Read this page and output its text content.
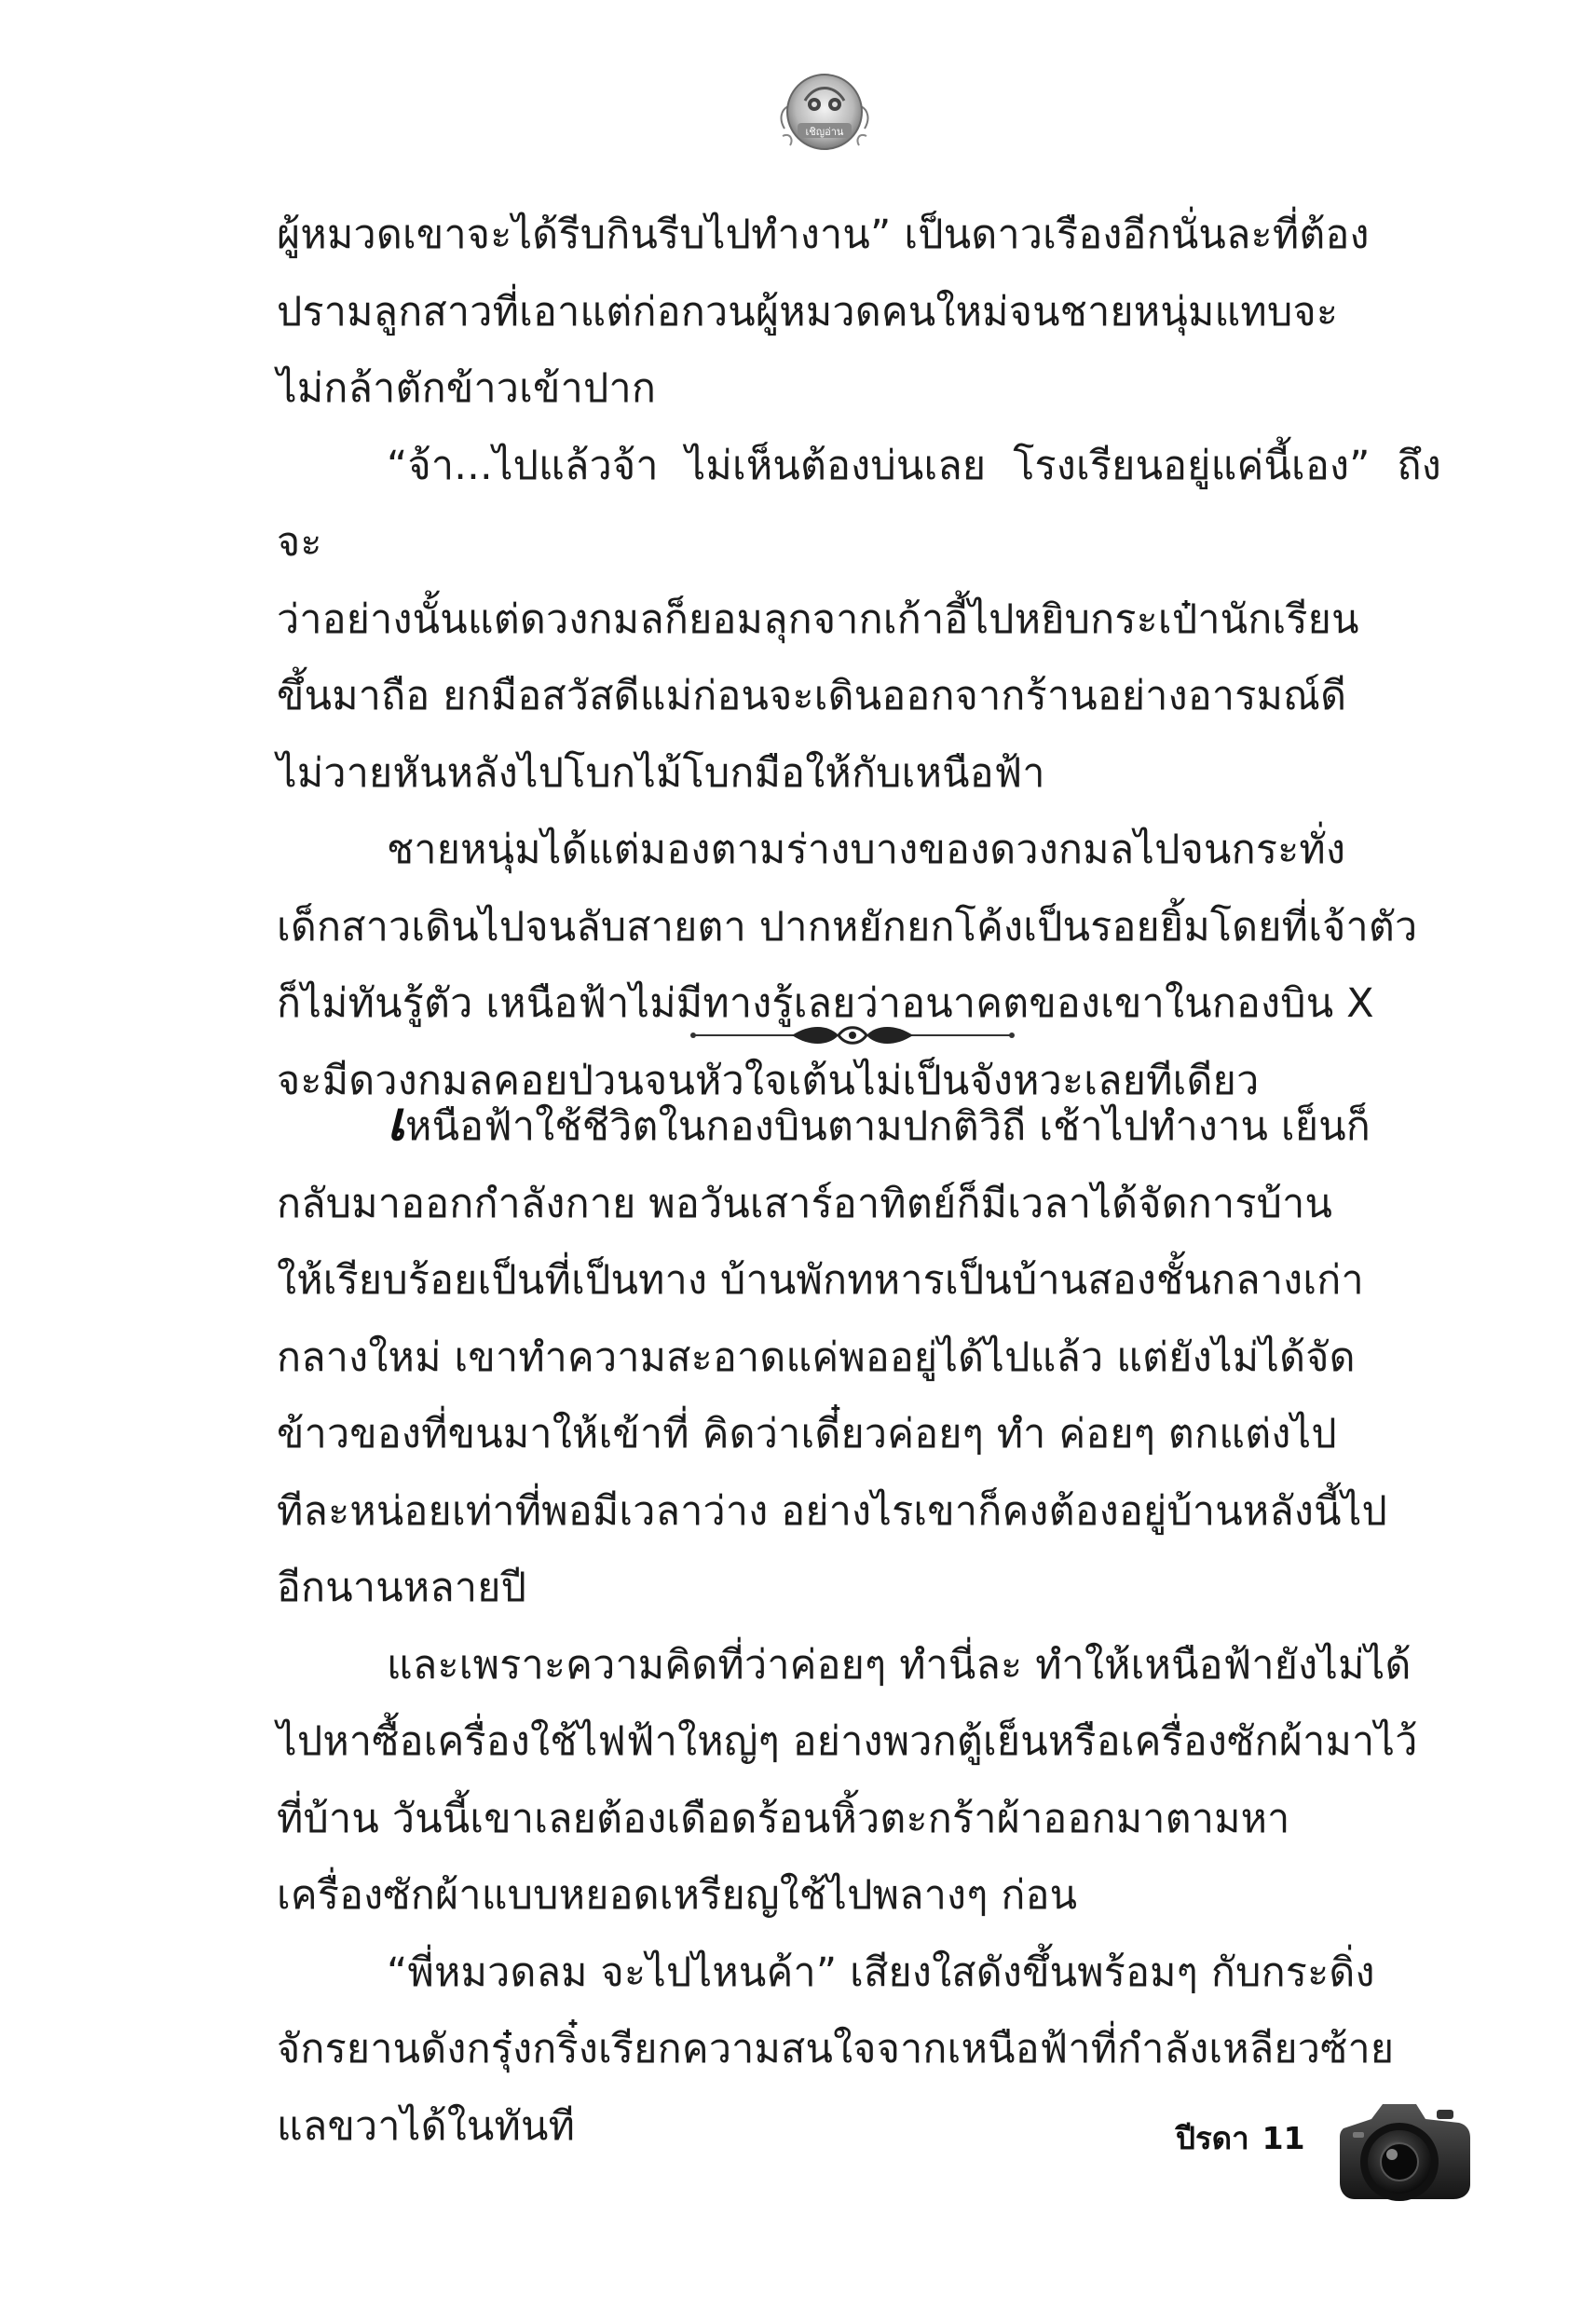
เชิญอ่าน

ผู้หมวดเขาจะได้รีบกินรีบไปทำงาน” เป็นดาวเรืองอีกนั่นละที่ต้อง
ปรามลูกสาวที่เอาแต่ก่อกวนผู้หมวดคนใหม่จนชายหนุ่มแทบจะ
ไม่กล้าตักข้าวเข้าปาก

“จ้า...ไปแล้วจ้า ไม่เห็นต้องบ่นเลย โรงเรียนอยู่แค่นี้เอง” ถึงจะ
ว่าอย่างนั้นแต่ดวงกมลก็ยอมลุกจากเก้าอี้ไปหยิบกระเป๋านักเรียน
ขึ้นมาถือ ยกมือสวัสดีแม่ก่อนจะเดินออกจากร้านอย่างอารมณ์ดี
ไม่วายหันหลังไปโบกไม้โบกมือให้กับเหนือฟ้า

ชายหนุ่มได้แต่มองตามร่างบางของดวงกมลไปจนกระทั่ง
เด็กสาวเดินไปจนลับสายตา ปากหยักยกโค้งเป็นรอยยิ้มโดยที่เจ้าตัว
ก็ไม่ทันรู้ตัว เหนือฟ้าไม่มีทางรู้เลยว่าอนาคตของเขาในกองบิน X
จะมีดวงกมลคอยป่วนจนหัวใจเต้นไม่เป็นจังหวะเลยทีเดียว

เหนือฟ้าใช้ชีวิตในกองบินตามปกติวิถี เช้าไปทำงาน เย็นก็
กลับมาออกกำลังกาย พอวันเสาร์อาทิตย์ก็มีเวลาได้จัดการบ้าน
ให้เรียบร้อยเป็นที่เป็นทาง บ้านพักทหารเป็นบ้านสองชั้นกลางเก่า
กลางใหม่ เขาทำความสะอาดแค่พออยู่ได้ไปแล้ว แต่ยังไม่ได้จัด
ข้าวของที่ขนมาให้เข้าที่ คิดว่าเดี๋ยวค่อยๆ ทำ ค่อยๆ ตกแต่งไป
ทีละหน่อยเท่าที่พอมีเวลาว่าง อย่างไรเขาก็คงต้องอยู่บ้านหลังนี้ไป
อีกนานหลายปี

และเพราะความคิดที่ว่าค่อยๆ ทำนี่ละ ทำให้เหนือฟ้ายังไม่ได้
ไปหาซื้อเครื่องใช้ไฟฟ้าใหญ่ๆ อย่างพวกตู้เย็นหรือเครื่องซักผ้ามาไว้
ที่บ้าน วันนี้เขาเลยต้องเดือดร้อนหิ้วตะกร้าผ้าออกมาตามหา
เครื่องซักผ้าแบบหยอดเหรียญใช้ไปพลางๆ ก่อน

“พี่หมวดลม จะไปไหนค้า” เสียงใสดังขึ้นพร้อมๆ กับกระดิ่ง
จักรยานดังกรุ๋งกริ๋งเรียกความสนใจจากเหนือฟ้าที่กำลังเหลียวซ้าย
แลขวาได้ในทันที	ปีรดา 11
